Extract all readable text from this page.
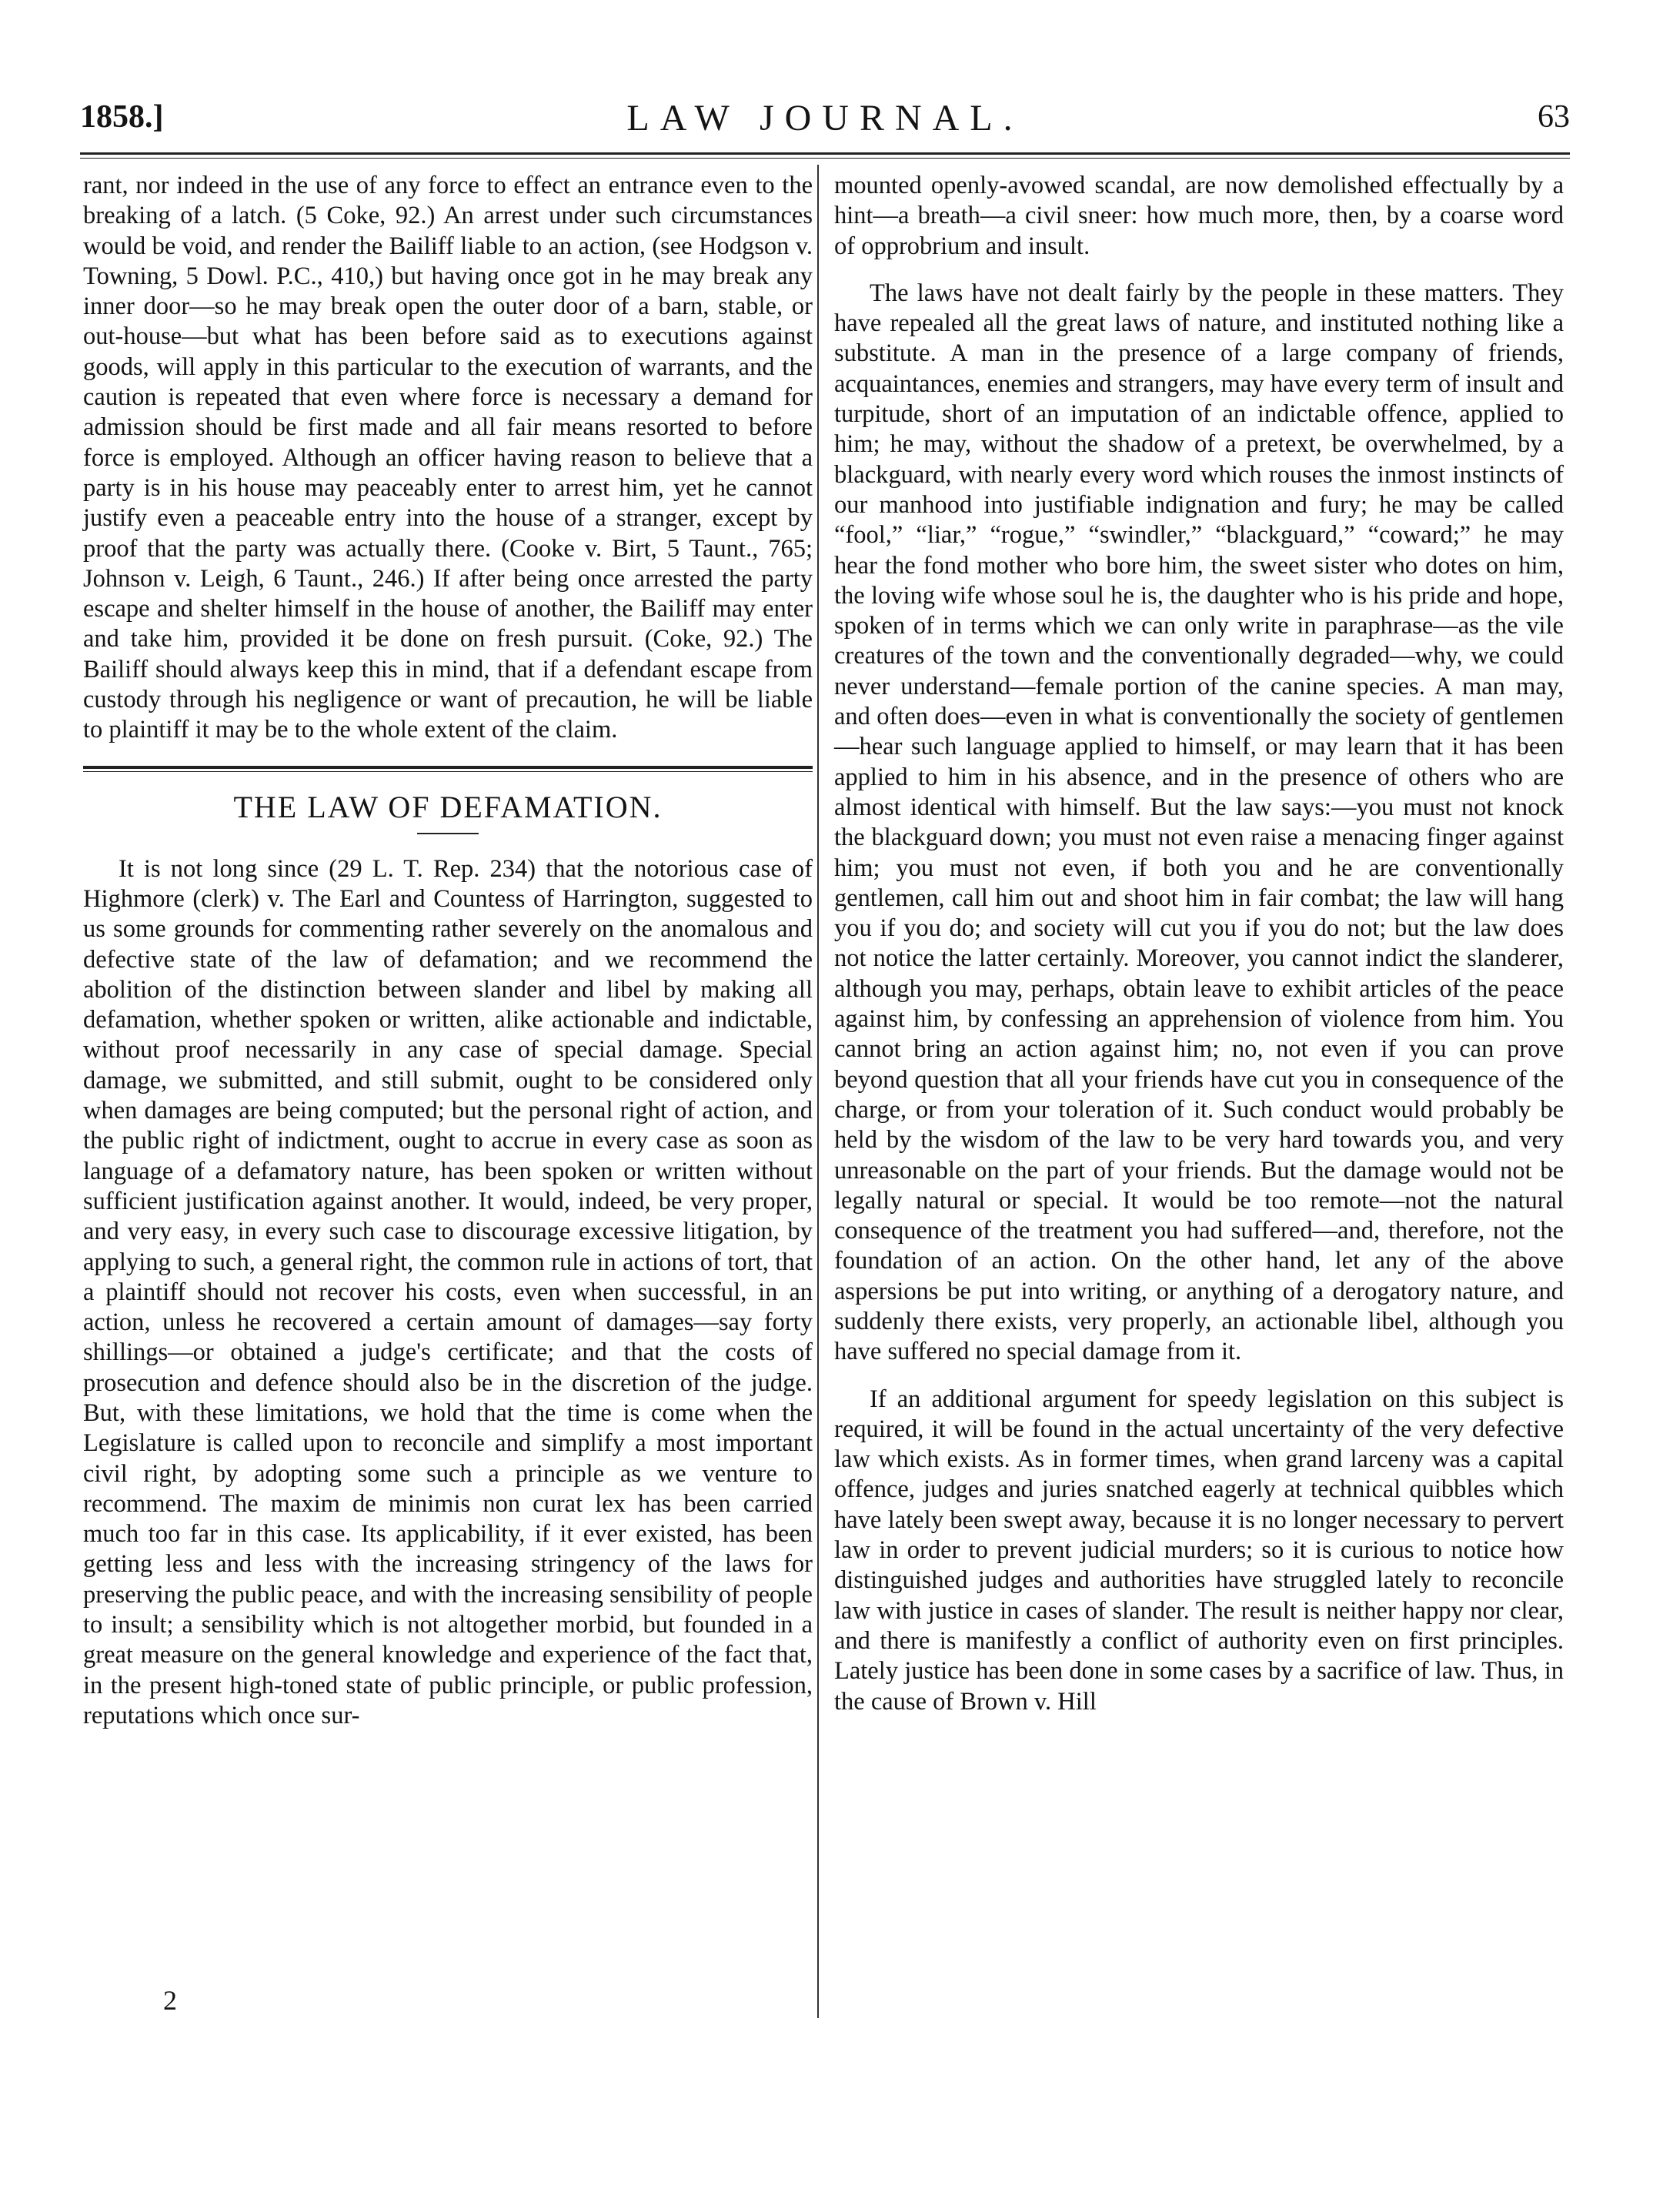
1858.]	LAW JOURNAL.	63

rant, nor indeed in the use of any force to effect an entrance even to the breaking of a latch. (5 Coke, 92.) An arrest under such circumstances would be void, and render the Bailiff liable to an action, (see Hodgson v. Towning, 5 Dowl. P.C., 410,) but having once got in he may break any inner door—so he may break open the outer door of a barn, stable, or out-house—but what has been before said as to executions against goods, will apply in this particular to the execution of warrants, and the caution is repeated that even where force is necessary a demand for admission should be first made and all fair means resorted to before force is employed. Although an officer having reason to believe that a party is in his house may peaceably enter to arrest him, yet he cannot justify even a peaceable entry into the house of a stranger, except by proof that the party was actually there. (Cooke v. Birt, 5 Taunt., 765; Johnson v. Leigh, 6 Taunt., 246.) If after being once arrested the party escape and shelter himself in the house of another, the Bailiff may enter and take him, provided it be done on fresh pursuit. (Coke, 92.) The Bailiff should always keep this in mind, that if a defendant escape from custody through his negligence or want of precaution, he will be liable to plaintiff it may be to the whole extent of the claim.

THE LAW OF DEFAMATION.

It is not long since (29 L. T. Rep. 234) that the notorious case of Highmore (clerk) v. The Earl and Countess of Harrington, suggested to us some grounds for commenting rather severely on the anomalous and defective state of the law of defamation; and we recommend the abolition of the distinction between slander and libel by making all defamation, whether spoken or written, alike actionable and indictable, without proof necessarily in any case of special damage. Special damage, we submitted, and still submit, ought to be considered only when damages are being computed; but the personal right of action, and the public right of indictment, ought to accrue in every case as soon as language of a defamatory nature, has been spoken or written without sufficient justification against another. It would, indeed, be very proper, and very easy, in every such case to discourage excessive litigation, by applying to such, a general right, the common rule in actions of tort, that a plaintiff should not recover his costs, even when successful, in an action, unless he recovered a certain amount of damages—say forty shillings—or obtained a judge's certificate; and that the costs of prosecution and defence should also be in the discretion of the judge. But, with these limitations, we hold that the time is come when the Legislature is called upon to reconcile and simplify a most important civil right, by adopting some such a principle as we venture to recommend. The maxim de minimis non curat lex has been carried much too far in this case. Its applicability, if it ever existed, has been getting less and less with the increasing stringency of the laws for preserving the public peace, and with the increasing sensibility of people to insult; a sensibility which is not altogether morbid, but founded in a great measure on the general knowledge and experience of the fact that, in the present high-toned state of public principle, or public profession, reputations which once sur-

2

mounted openly-avowed scandal, are now demolished effectually by a hint—a breath—a civil sneer: how much more, then, by a coarse word of opprobrium and insult.

The laws have not dealt fairly by the people in these matters. They have repealed all the great laws of nature, and instituted nothing like a substitute. A man in the presence of a large company of friends, acquaintances, enemies and strangers, may have every term of insult and turpitude, short of an imputation of an indictable offence, applied to him; he may, without the shadow of a pretext, be overwhelmed, by a blackguard, with nearly every word which rouses the inmost instincts of our manhood into justifiable indignation and fury; he may be called “fool,” “liar,” “rogue,” “swindler,” “blackguard,” “coward;” he may hear the fond mother who bore him, the sweet sister who dotes on him, the loving wife whose soul he is, the daughter who is his pride and hope, spoken of in terms which we can only write in paraphrase—as the vile creatures of the town and the conventionally degraded—why, we could never understand—female portion of the canine species. A man may, and often does—even in what is conventionally the society of gentlemen—hear such language applied to himself, or may learn that it has been applied to him in his absence, and in the presence of others who are almost identical with himself. But the law says:—you must not knock the blackguard down; you must not even raise a menacing finger against him; you must not even, if both you and he are conventionally gentlemen, call him out and shoot him in fair combat; the law will hang you if you do; and society will cut you if you do not; but the law does not notice the latter certainly. Moreover, you cannot indict the slanderer, although you may, perhaps, obtain leave to exhibit articles of the peace against him, by confessing an apprehension of violence from him. You cannot bring an action against him; no, not even if you can prove beyond question that all your friends have cut you in consequence of the charge, or from your toleration of it. Such conduct would probably be held by the wisdom of the law to be very hard towards you, and very unreasonable on the part of your friends. But the damage would not be legally natural or special. It would be too remote—not the natural consequence of the treatment you had suffered—and, therefore, not the foundation of an action. On the other hand, let any of the above aspersions be put into writing, or anything of a derogatory nature, and suddenly there exists, very properly, an actionable libel, although you have suffered no special damage from it.

If an additional argument for speedy legislation on this subject is required, it will be found in the actual uncertainty of the very defective law which exists. As in former times, when grand larceny was a capital offence, judges and juries snatched eagerly at technical quibbles which have lately been swept away, because it is no longer necessary to pervert law in order to prevent judicial murders; so it is curious to notice how distinguished judges and authorities have struggled lately to reconcile law with justice in cases of slander. The result is neither happy nor clear, and there is manifestly a conflict of authority even on first principles. Lately justice has been done in some cases by a sacrifice of law. Thus, in the cause of Brown v. Hill
